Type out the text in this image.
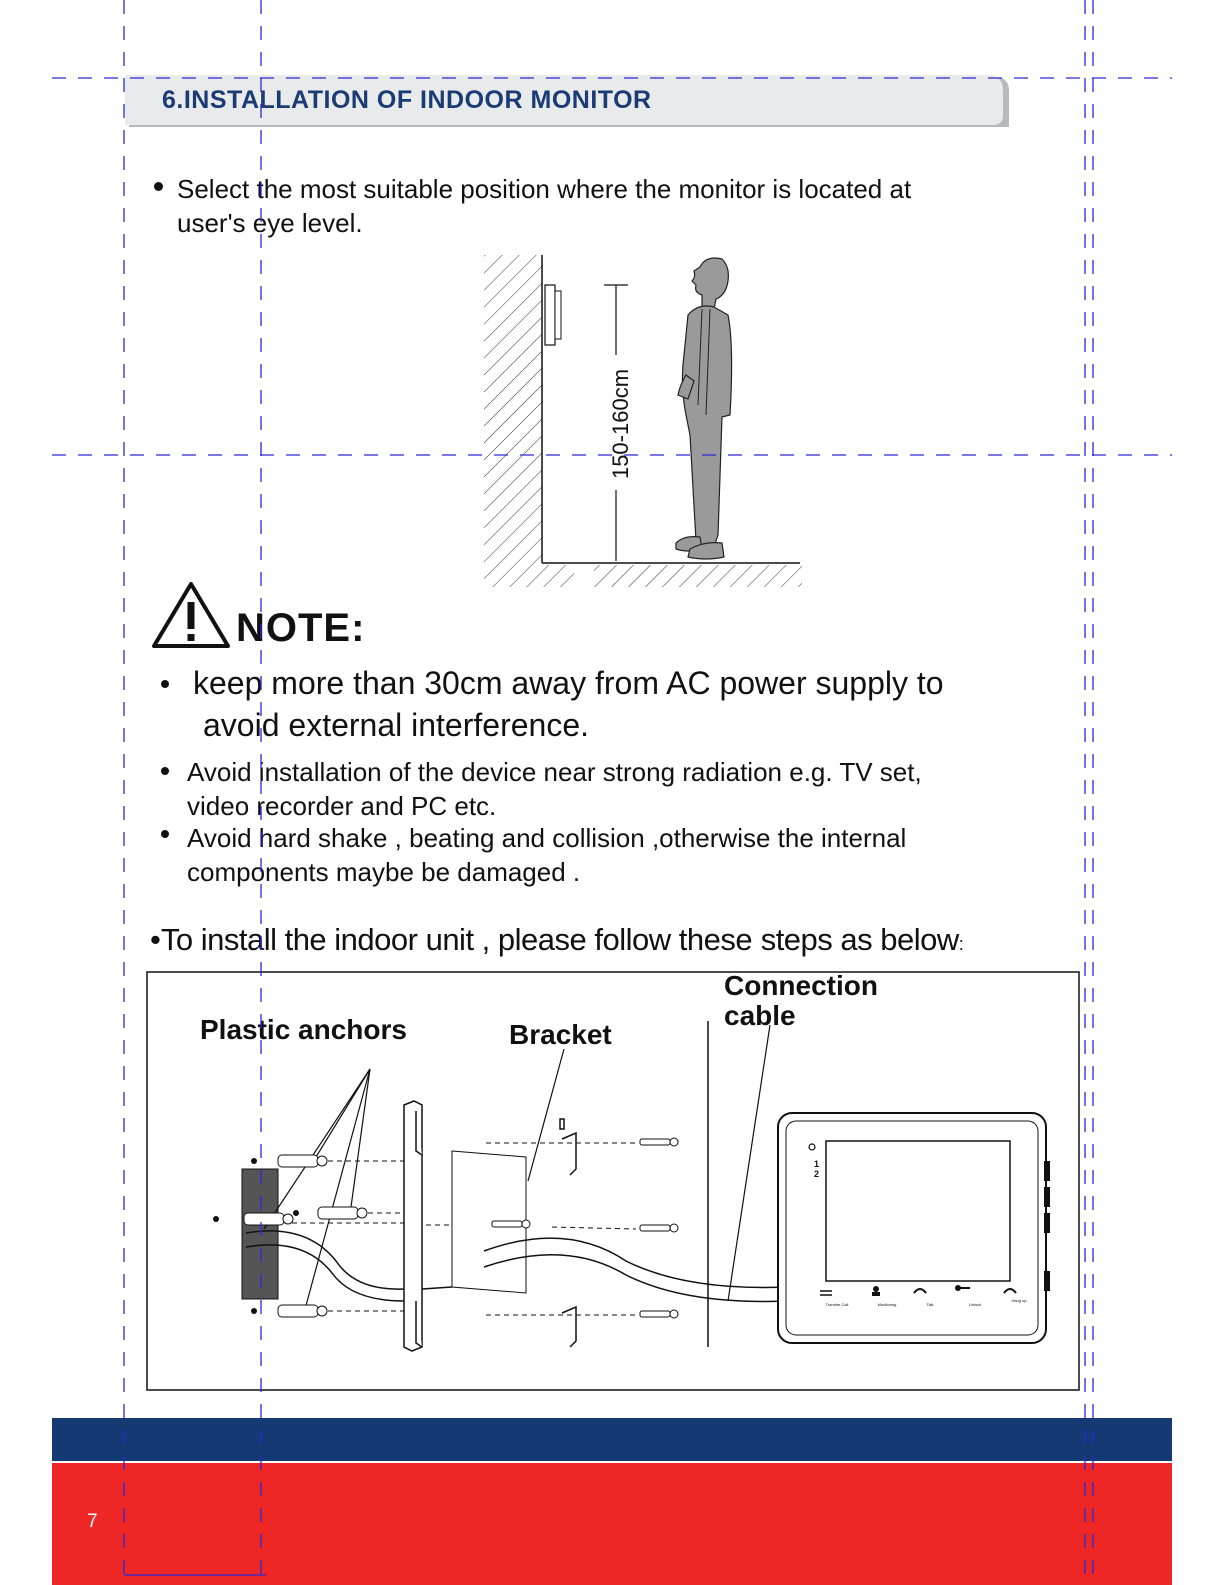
6.INSTALLATION OF INDOOR MONITOR
Select the most suitable position where the monitor is located at
user's eye level.
150-160cm
NOTE:
keep more than 30cm away from AC power supply to
avoid external interference.
Avoid installation of the device near strong radiation e.g. TV set,
video recorder and PC etc.
Avoid hard shake , beating and collision ,otherwise the internal
components maybe be damaged .
•To install the indoor unit , please follow these steps as below:
Plastic anchors	Bracket
Connection
cable
1
2
Transfer Call	Monitoring	Talk	Unlock
Hang up
7
